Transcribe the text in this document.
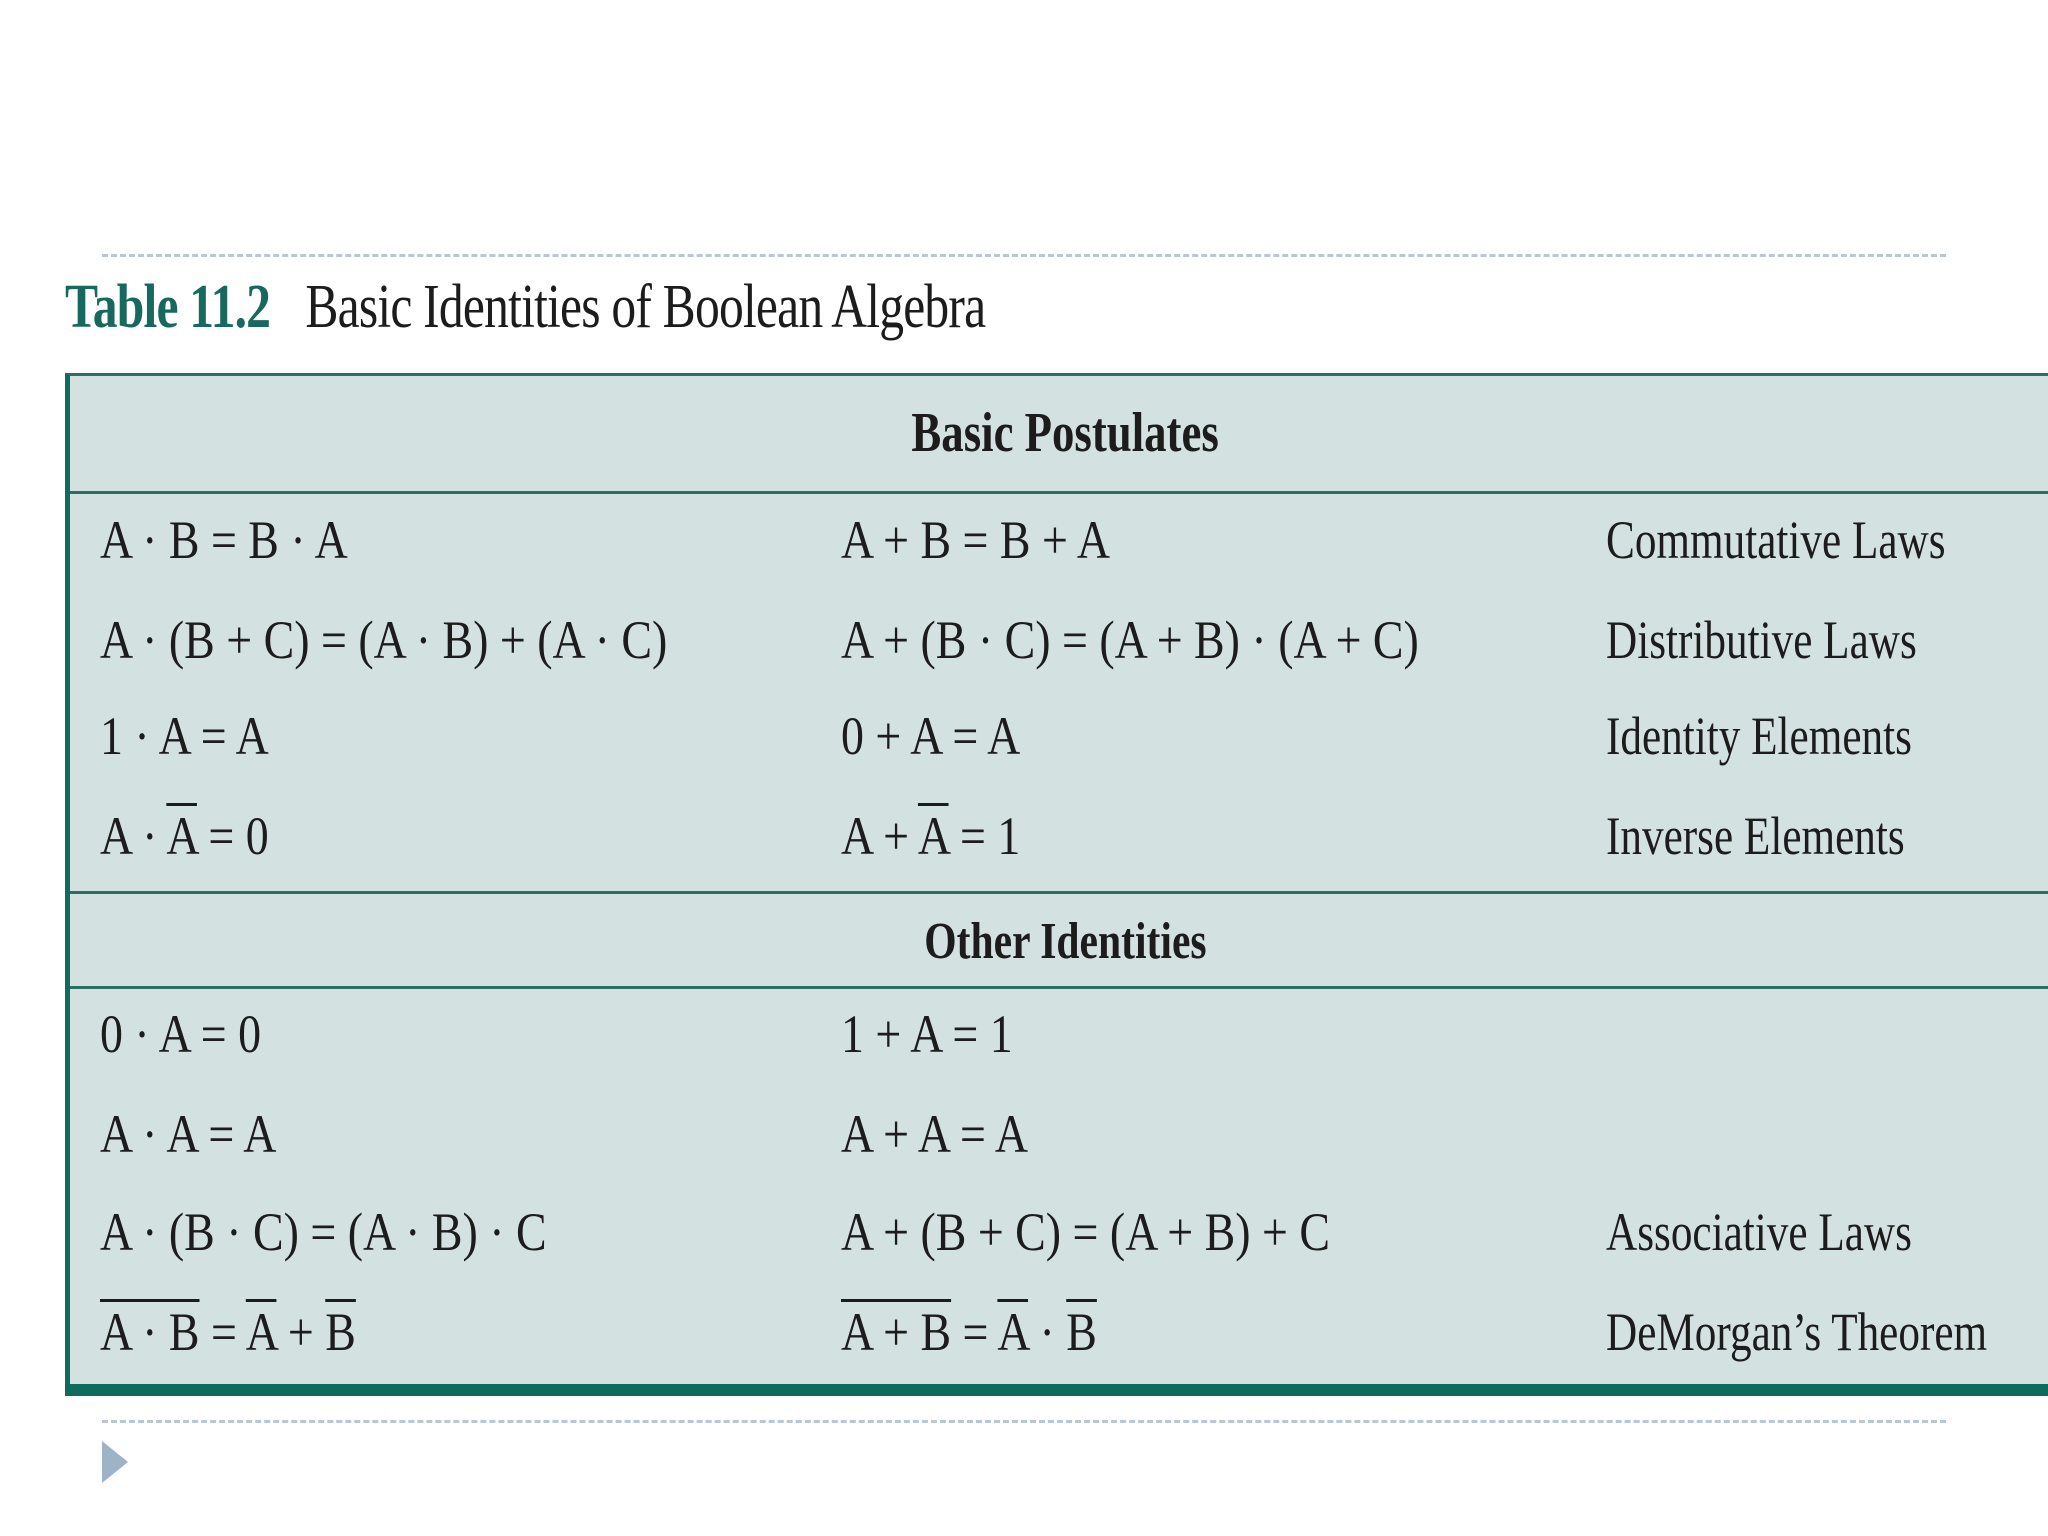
Table 11.2 Basic Identities of Boolean Algebra
Basic Postulates
A · B = B · A	A + B = B + A	Commutative Laws
A · (B + C) = (A · B) + (A · C)	A + (B · C) = (A + B) · (A + C)	Distributive Laws
1 · A = A	0 + A = A	Identity Elements
$A \cdot \overline{A} = 0$	$A + \overline{A} = 1$	Inverse Elements
Other Identities
0 · A = 0	1 + A = 1
A · A = A	A + A = A
A · (B · C) = (A · B) · C	A + (B + C) = (A + B) + C	Associative Laws
$A \cdot B = \overline{A} + \overline{B}$	$A + B = \overline{A} \cdot \overline{B}$	DeMorgan’s Theorem
